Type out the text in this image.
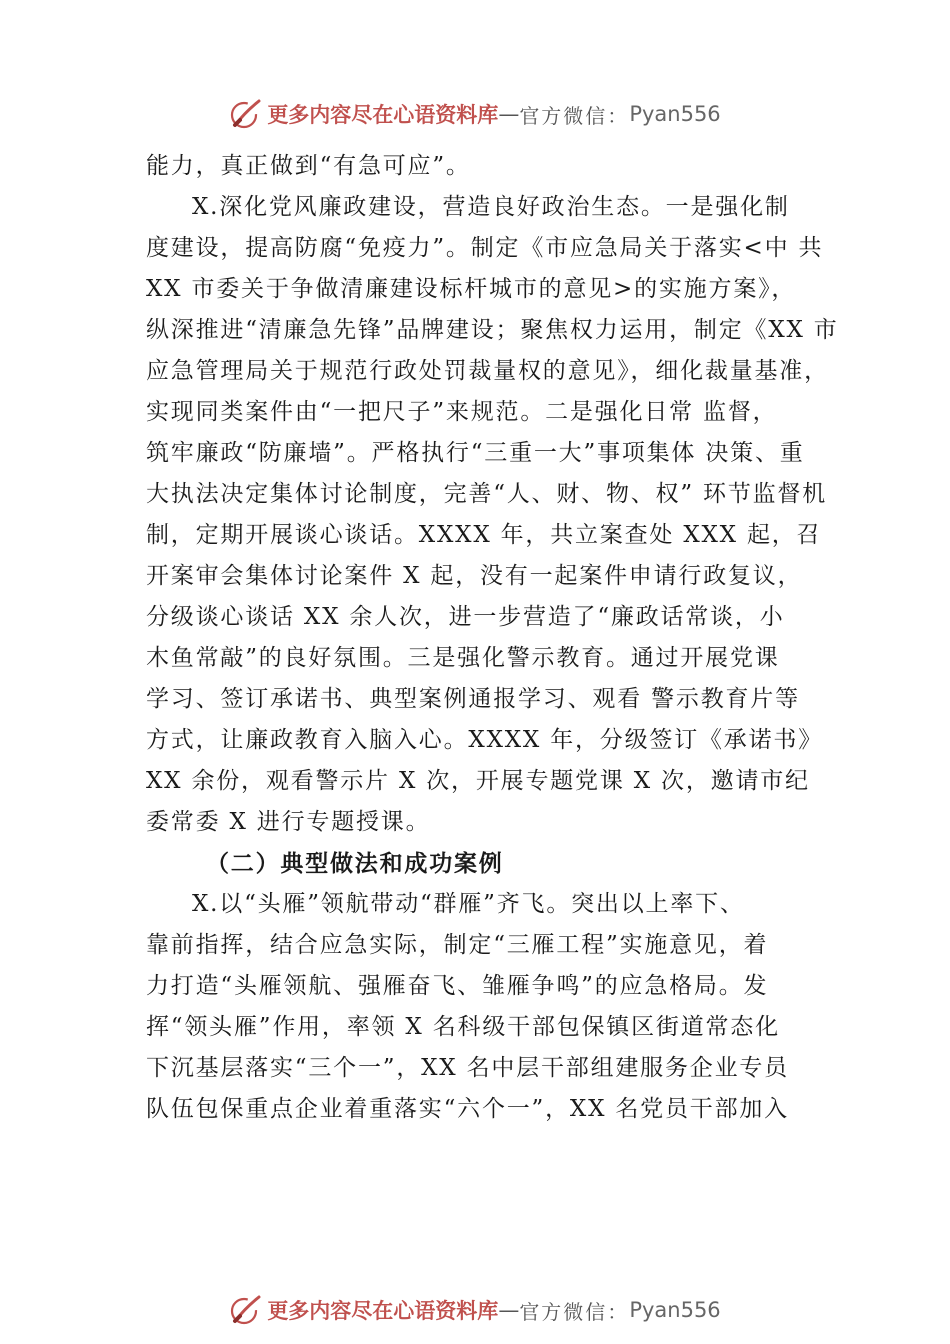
更多内容尽在心语资料库 — 官方微信： Pyan556
能力，真正做到“有急可应”。
X.深化党风廉政建设，营造良好政治生态。一是强化制
度建设，提高防腐“免疫力”。制定《市应急局关于落实<中 共
XX 市委关于争做清廉建设标杆城市的意见>的实施方案》，
纵深推进“清廉急先锋”品牌建设；聚焦权力运用，制定《XX 市
应急管理局关于规范行政处罚裁量权的意见》，细化裁量基准，
实现同类案件由“一把尺子”来规范。二是强化日常 监督，
筑牢廉政“防廉墙”。严格执行“三重一大”事项集体 决策、重
大执法决定集体讨论制度，完善“人、财、物、权” 环节监督机
制，定期开展谈心谈话。XXXX 年，共立案查处 XXX 起，召
开案审会集体讨论案件 X 起，没有一起案件申请行政复议，
分级谈心谈话 XX 余人次，进一步营造了“廉政话常谈，小
木鱼常敲”的良好氛围。三是强化警示教育。通过开展党课
学习、签订承诺书、典型案例通报学习、观看 警示教育片等
方式，让廉政教育入脑入心。XXXX 年，分级签订《承诺书》
XX 余份，观看警示片 X 次，开展专题党课 X 次，邀请市纪
委常委 X 进行专题授课。
（二）典型做法和成功案例
X.以“头雁”领航带动“群雁”齐飞。突出以上率下、
靠前指挥，结合应急实际，制定“三雁工程”实施意见，着
力打造“头雁领航、强雁奋飞、雏雁争鸣”的应急格局。发
挥“领头雁”作用，率领 X 名科级干部包保镇区街道常态化
下沉基层落实“三个一”，XX 名中层干部组建服务企业专员
队伍包保重点企业着重落实“六个一”，XX 名党员干部加入
更多内容尽在心语资料库 — 官方微信： Pyan556
